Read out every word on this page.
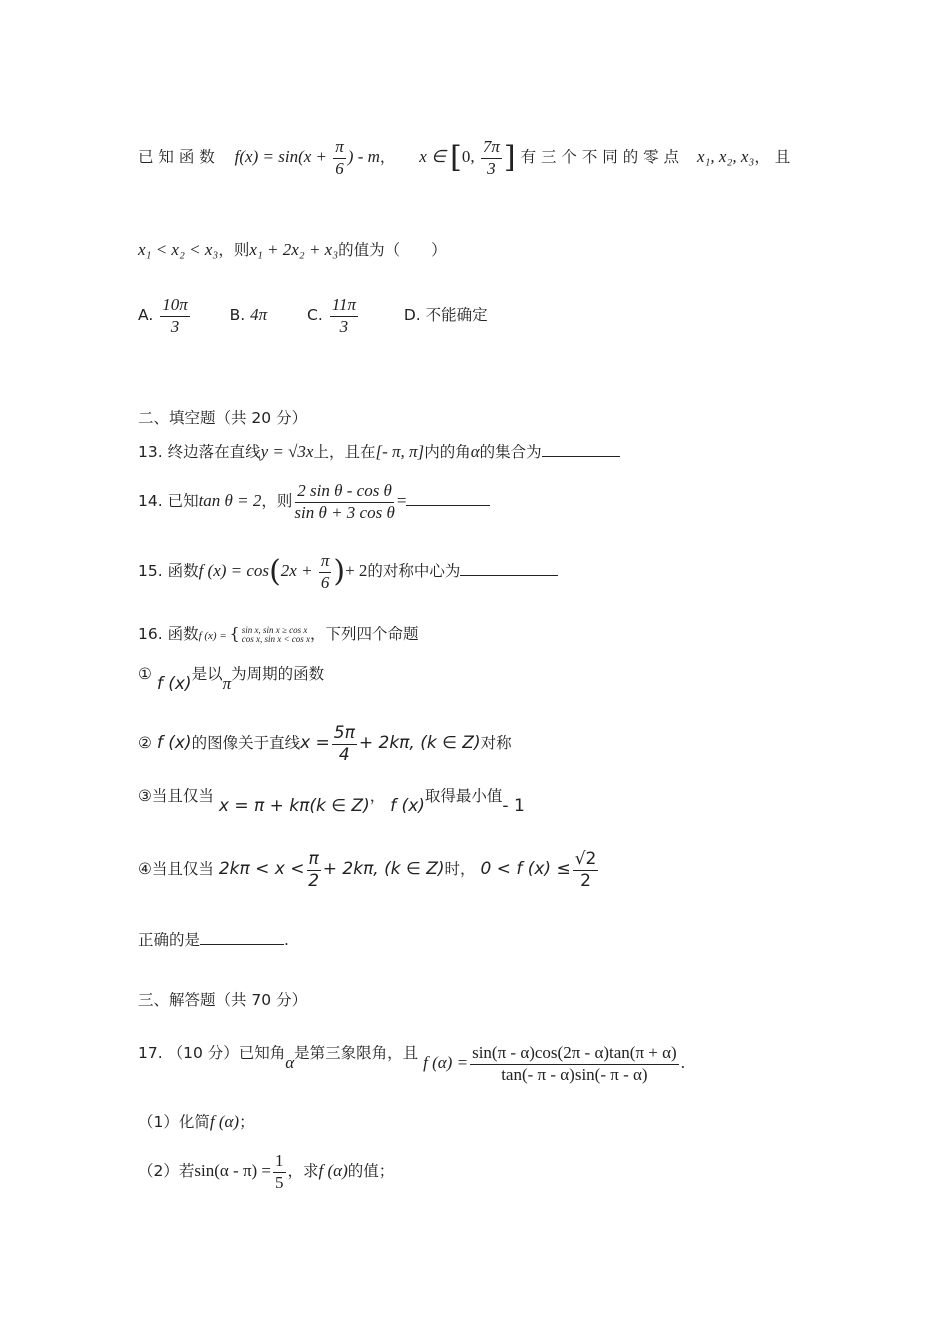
已 知 函 数 $f(x) = \sin(x + \frac{\pi}{6}$ ) - m， x ∈ [0, $\frac{7\pi}{3}$ ] 有 三 个 不 同 的 零 点 x₁, x₂, x₃， 且
x₁ < x₂ < x₃，则x₁ + 2x₂ + x₃的值为（　　）
A. $\frac{10\pi}{3}$	B. 4π	C. $\frac{11\pi}{3}$	D. 不能确定
二、填空题（共 20 分）
13. 终边落在直线y = √3x上，且在[- π, π]内的角α的集合为
14. 已知tan θ = 2，则 $\frac{\text{2 sin θ - cos θ}}{\text{sin θ + 3 cos θ}}$ =
15. 函数f $(x) = \cos(2x + \frac{\pi}{6}$ )+ 2的对称中心为
16. 函数f (x) = { sin x, sin x ≥ cos x
cos x, sin x < cos x ，下列四个命题
① f (x)是以π为周期的函数
② f (x)的图像关于直线$x = \frac{5\pi}{4} + 2k\pi$, (k ∈ Z)对称
③当且仅当 x = π + kπ(k ∈ Z)， f (x)取得最小值- 1
④当且仅当 $2k\pi < x < \frac{\pi}{2} + 2k\pi$, (k ∈ Z)时， 0 < f $(x) \le \frac{√2}{2}$
正确的是	.
三、解答题（共 70 分）
17. （10 分）已知角α是第三象限角，且 f $(\alpha) = \frac{\sin(\pi - \alpha)\cos(2\pi - \alpha)\tan(\pi + \alpha)}{\tan(- \pi - \alpha)\sin(- \pi - \alpha)}$ .
（1）化简f (α)；
（2）若$\sin(\alpha - \pi) = \frac{1}{5}$ ，求f (α)的值；
